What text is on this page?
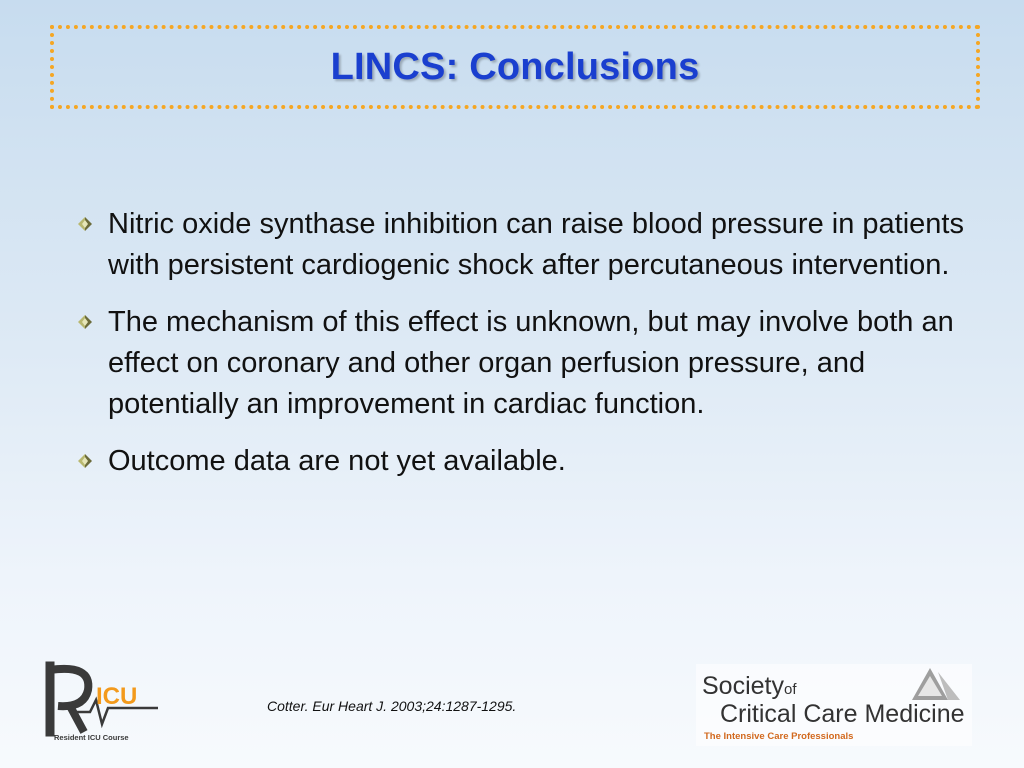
LINCS: Conclusions
Nitric oxide synthase inhibition can raise blood pressure in patients with persistent cardiogenic shock after percutaneous intervention.
The mechanism of this effect is unknown, but may involve both an effect on coronary and other organ perfusion pressure, and potentially an improvement in cardiac function.
Outcome data are not yet available.
ICU
Resident ICU Course
Cotter. Eur Heart J. 2003;24:1287-1295.
Societyof
Critical Care Medicine
The Intensive Care Professionals
